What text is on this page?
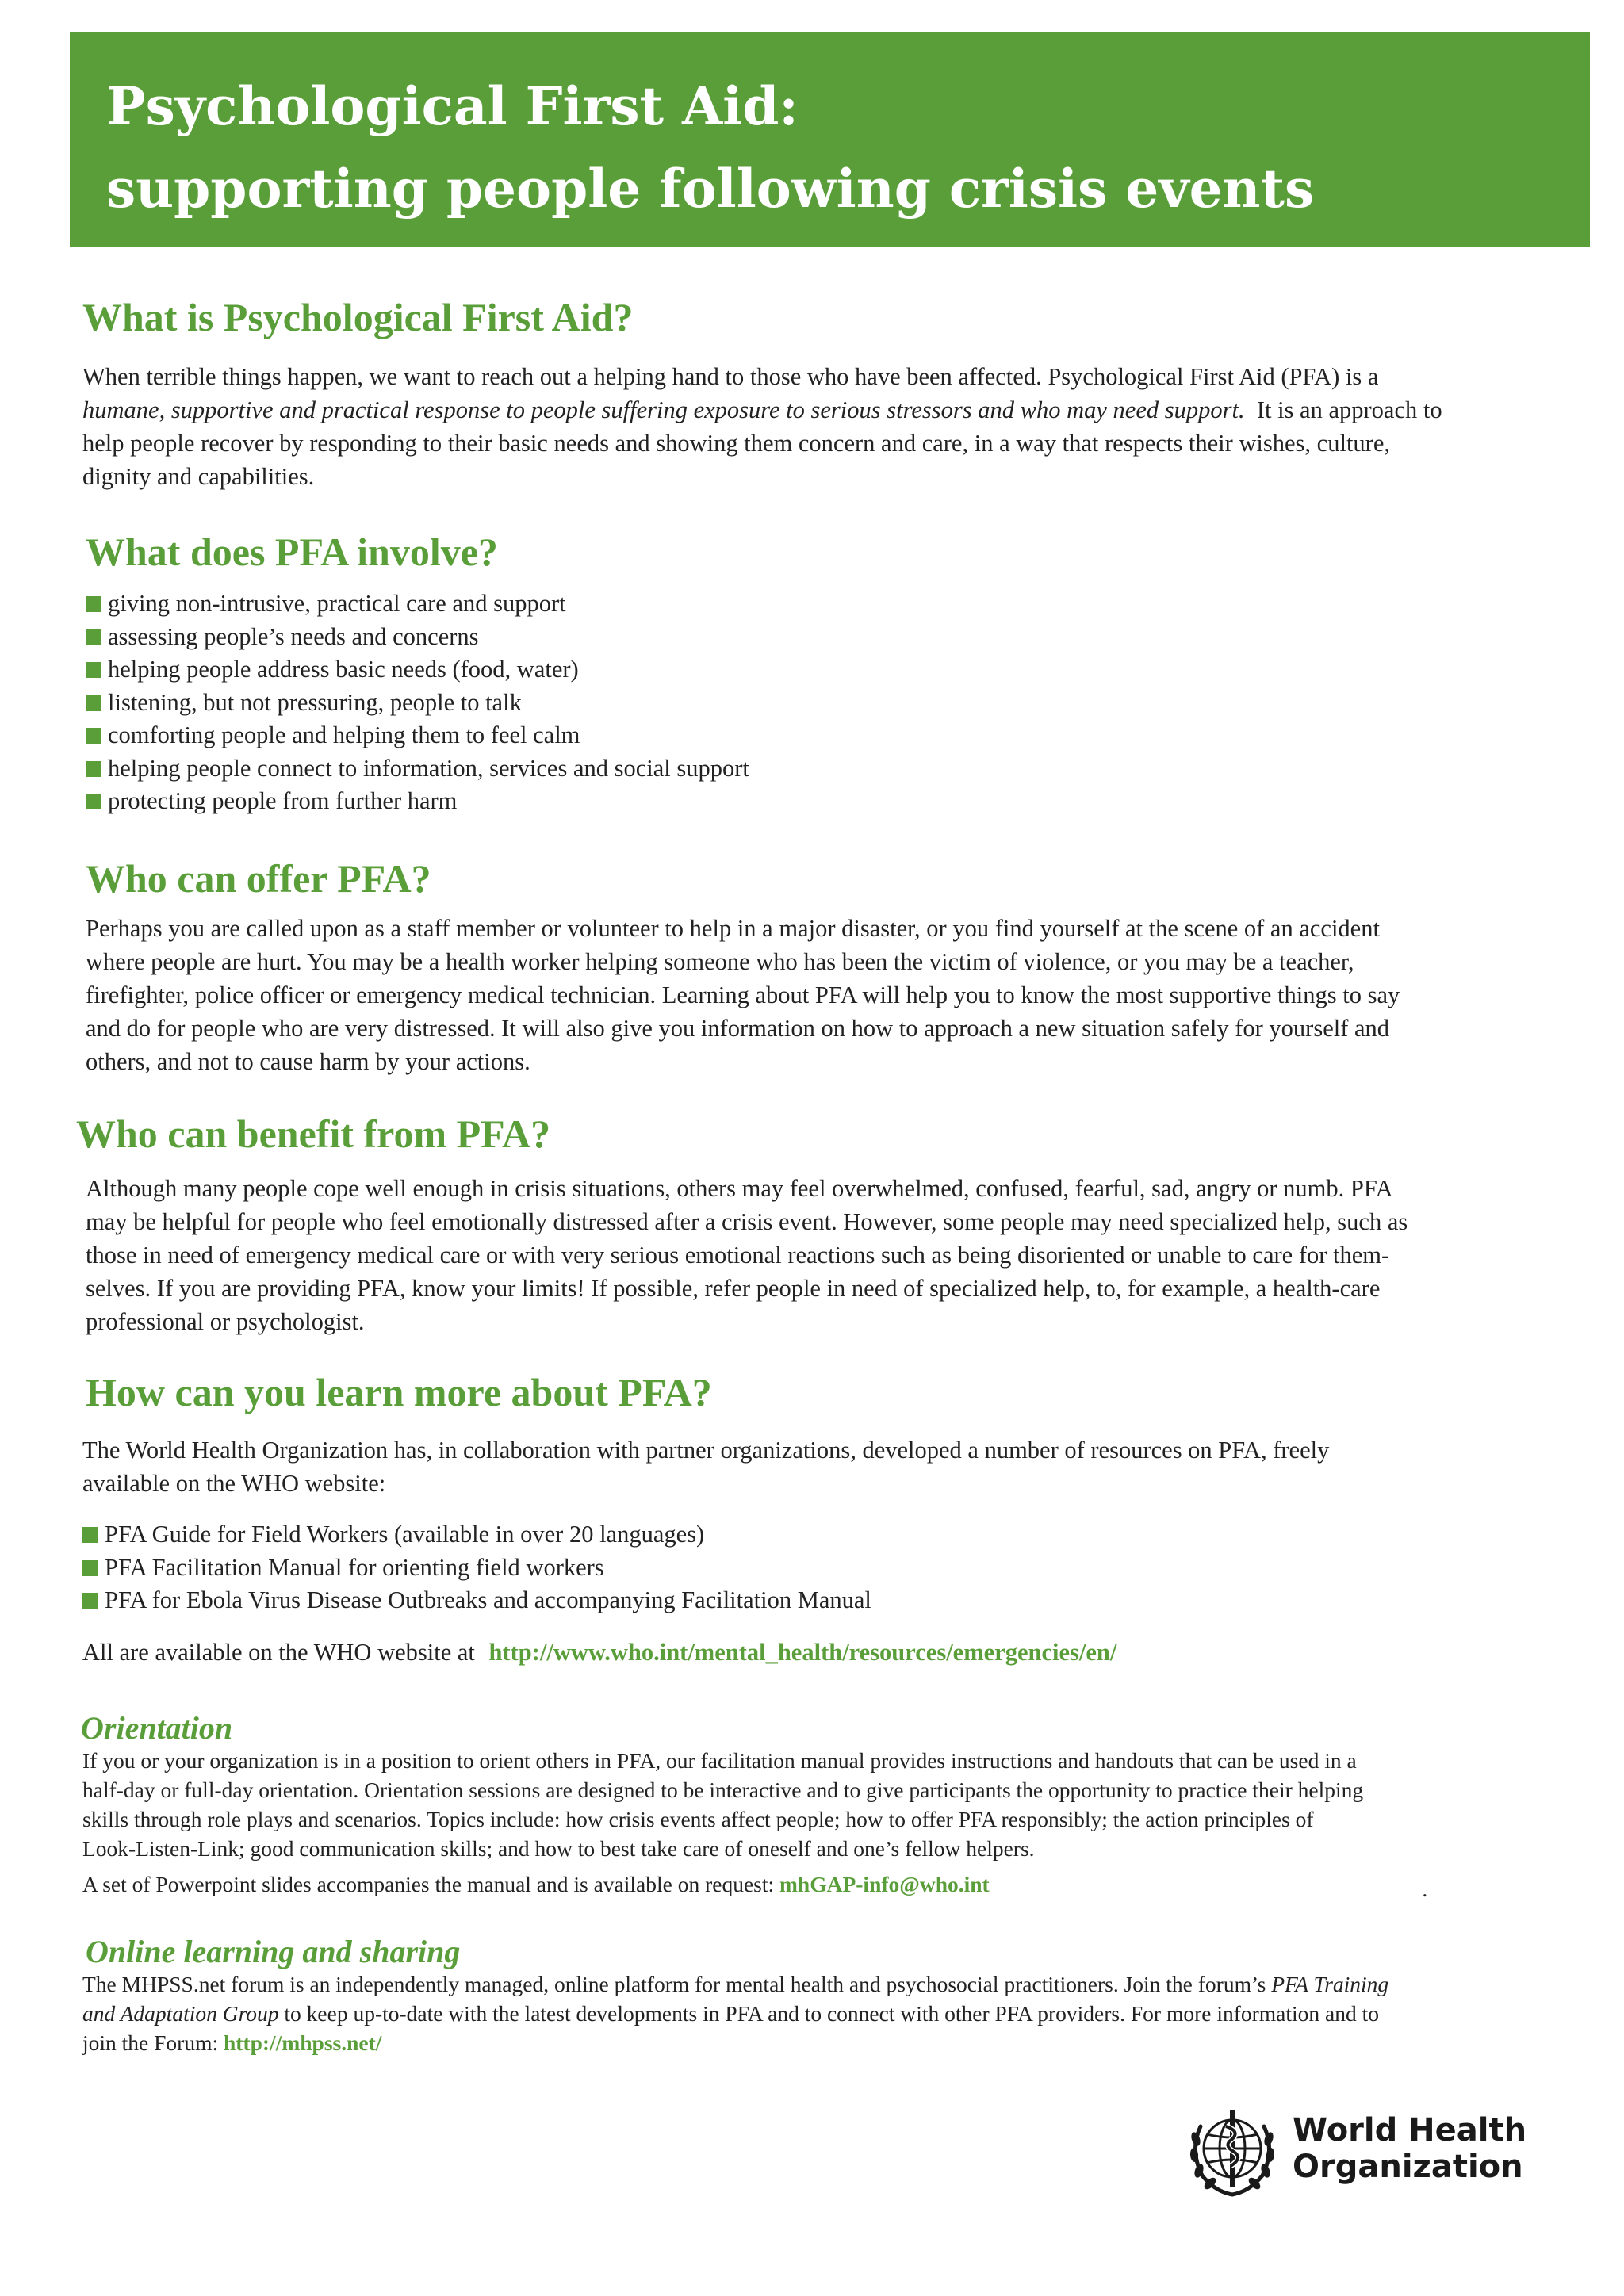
Psychological First Aid:
supporting people following crisis events
What is Psychological First Aid?
When terrible things happen, we want to reach out a helping hand to those who have been affected. Psychological First Aid (PFA) is a
humane, supportive and practical response to people suffering exposure to serious stressors and who may need support.  It is an approach to
help people recover by responding to their basic needs and showing them concern and care, in a way that respects their wishes, culture,
dignity and capabilities.
What does PFA involve?
giving non-intrusive, practical care and support
assessing people’s needs and concerns
helping people address basic needs (food, water)
listening, but not pressuring, people to talk
comforting people and helping them to feel calm
helping people connect to information, services and social support
protecting people from further harm
Who can offer PFA?
Perhaps you are called upon as a staff member or volunteer to help in a major disaster, or you find yourself at the scene of an accident
where people are hurt. You may be a health worker helping someone who has been the victim of violence, or you may be a teacher,
firefighter, police officer or emergency medical technician. Learning about PFA will help you to know the most supportive things to say
and do for people who are very distressed. It will also give you information on how to approach a new situation safely for yourself and
others, and not to cause harm by your actions.
Who can benefit from PFA?
Although many people cope well enough in crisis situations, others may feel overwhelmed, confused, fearful, sad, angry or numb. PFA
may be helpful for people who feel emotionally distressed after a crisis event. However, some people may need specialized help, such as
those in need of emergency medical care or with very serious emotional reactions such as being disoriented or unable to care for them-
selves. If you are providing PFA, know your limits! If possible, refer people in need of specialized help, to, for example, a health-care
professional or psychologist.
How can you learn more about PFA?
The World Health Organization has, in collaboration with partner organizations, developed a number of resources on PFA, freely
available on the WHO website:
PFA Guide for Field Workers (available in over 20 languages)
PFA Facilitation Manual for orienting field workers
PFA for Ebola Virus Disease Outbreaks and accompanying Facilitation Manual
All are available on the WHO website at http://www.who.int/mental_health/resources/emergencies/en/
Orientation
If you or your organization is in a position to orient others in PFA, our facilitation manual provides instructions and handouts that can be used in a
half-day or full-day orientation. Orientation sessions are designed to be interactive and to give participants the opportunity to practice their helping
skills through role plays and scenarios. Topics include: how crisis events affect people; how to offer PFA responsibly; the action principles of
Look-Listen-Link; good communication skills; and how to best take care of oneself and one’s fellow helpers.
A set of Powerpoint slides accompanies the manual and is available on request: mhGAP-info@who.int	.
Online learning and sharing
The MHPSS.net forum is an independently managed, online platform for mental health and psychosocial practitioners. Join the forum’s PFA Training
and Adaptation Group to keep up-to-date with the latest developments in PFA and to connect with other PFA providers. For more information and to
join the Forum: http://mhpss.net/
World Health
Organization
